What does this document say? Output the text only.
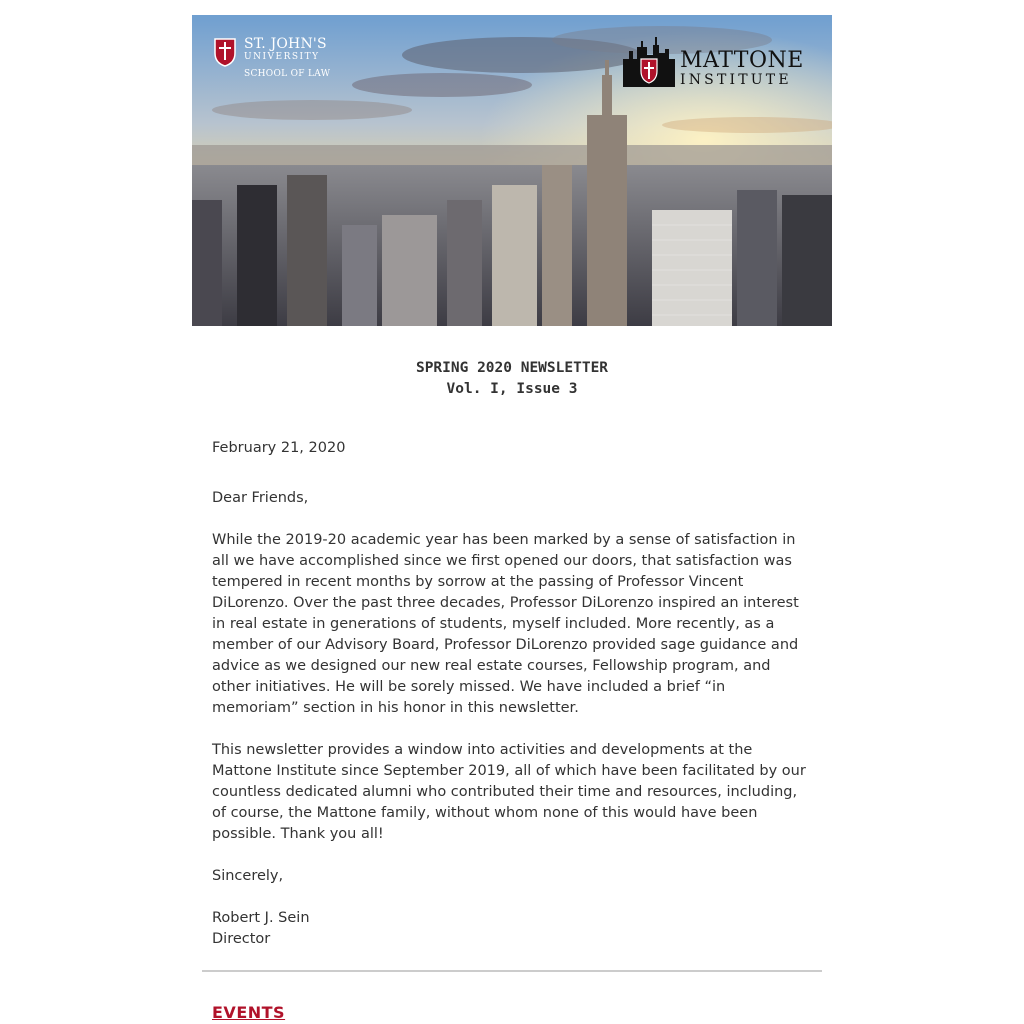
ST. JOHN'S
UNIVERSITY
SCHOOL OF LAW
MATTONE
INSTITUTE
SPRING 2020 NEWSLETTER
Vol. I, Issue 3
February 21, 2020
Dear Friends,
While the 2019-20 academic year has been marked by a sense of satisfaction in all we have accomplished since we first opened our doors, that satisfaction was tempered in recent months by sorrow at the passing of Professor Vincent DiLorenzo. Over the past three decades, Professor DiLorenzo inspired an interest in real estate in generations of students, myself included. More recently, as a member of our Advisory Board, Professor DiLorenzo provided sage guidance and advice as we designed our new real estate courses, Fellowship program, and other initiatives. He will be sorely missed. We have included a brief “in memoriam” section in his honor in this newsletter.
This newsletter provides a window into activities and developments at the Mattone Institute since September 2019, all of which have been facilitated by our countless dedicated alumni who contributed their time and resources, including, of course, the Mattone family, without whom none of this would have been possible. Thank you all!
Sincerely,
Robert J. Sein
Director
EVENTS
